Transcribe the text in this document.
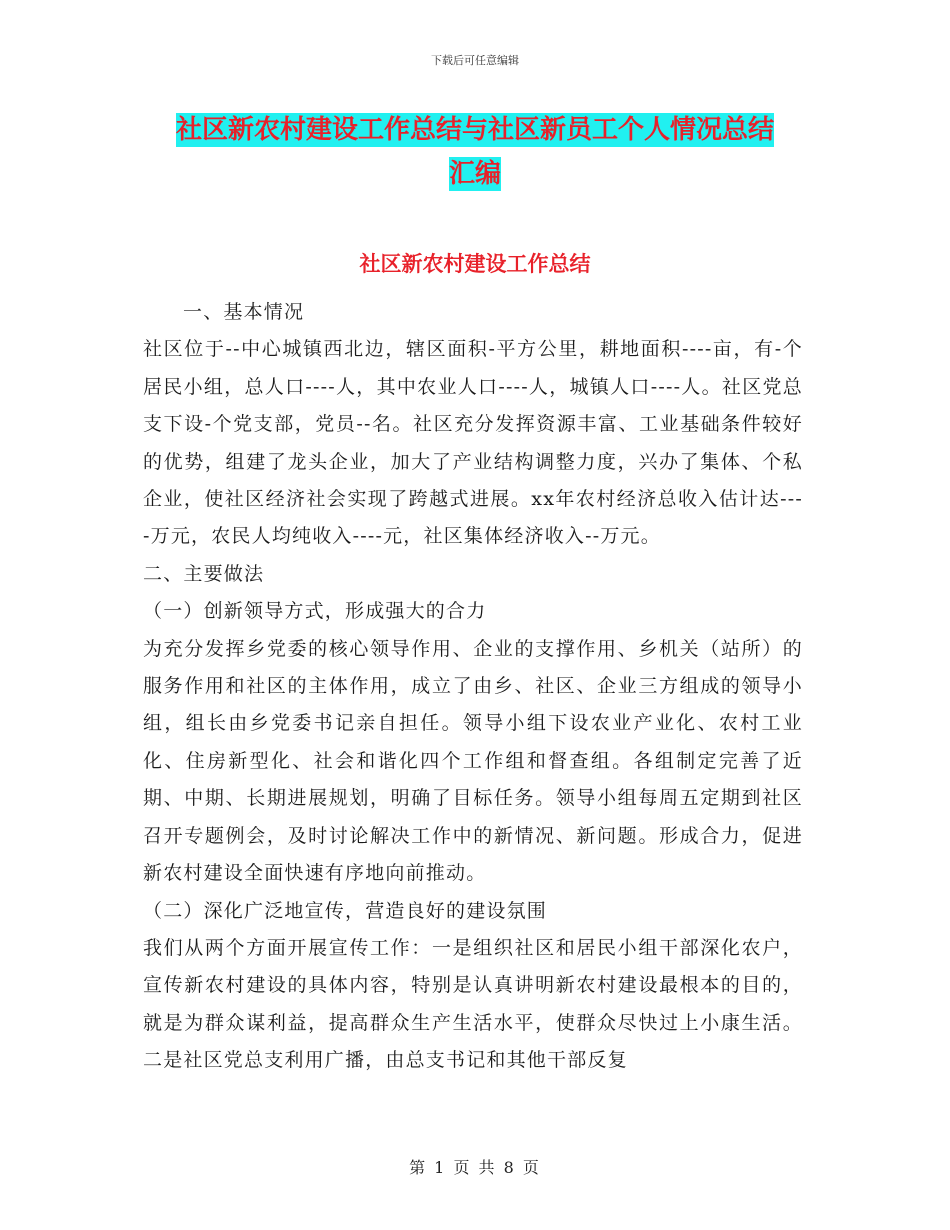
下载后可任意编辑
社区新农村建设工作总结与社区新员工个人情况总结
汇编
社区新农村建设工作总结

一、基本情况

社区位于--中心城镇西北边，辖区面积-平方公里，耕地面积----亩，有-个居民小组，总人口----人，其中农业人口----人，城镇人口----人。社区党总支下设-个党支部，党员--名。社区充分发挥资源丰富、工业基础条件较好的优势，组建了龙头企业，加大了产业结构调整力度，兴办了集体、个私企业，使社区经济社会实现了跨越式进展。xx年农村经济总收入估计达----万元，农民人均纯收入----元，社区集体经济收入--万元。

二、主要做法

（一）创新领导方式，形成强大的合力

为充分发挥乡党委的核心领导作用、企业的支撑作用、乡机关（站所）的服务作用和社区的主体作用，成立了由乡、社区、企业三方组成的领导小组，组长由乡党委书记亲自担任。领导小组下设农业产业化、农村工业化、住房新型化、社会和谐化四个工作组和督查组。各组制定完善了近期、中期、长期进展规划，明确了目标任务。领导小组每周五定期到社区召开专题例会，及时讨论解决工作中的新情况、新问题。形成合力，促进新农村建设全面快速有序地向前推动。

（二）深化广泛地宣传，营造良好的建设氛围

我们从两个方面开展宣传工作：一是组织社区和居民小组干部深化农户，宣传新农村建设的具体内容，特别是认真讲明新农村建设最根本的目的，就是为群众谋利益，提高群众生产生活水平，使群众尽快过上小康生活。二是社区党总支利用广播，由总支书记和其他干部反复

第 1 页 共 8 页
